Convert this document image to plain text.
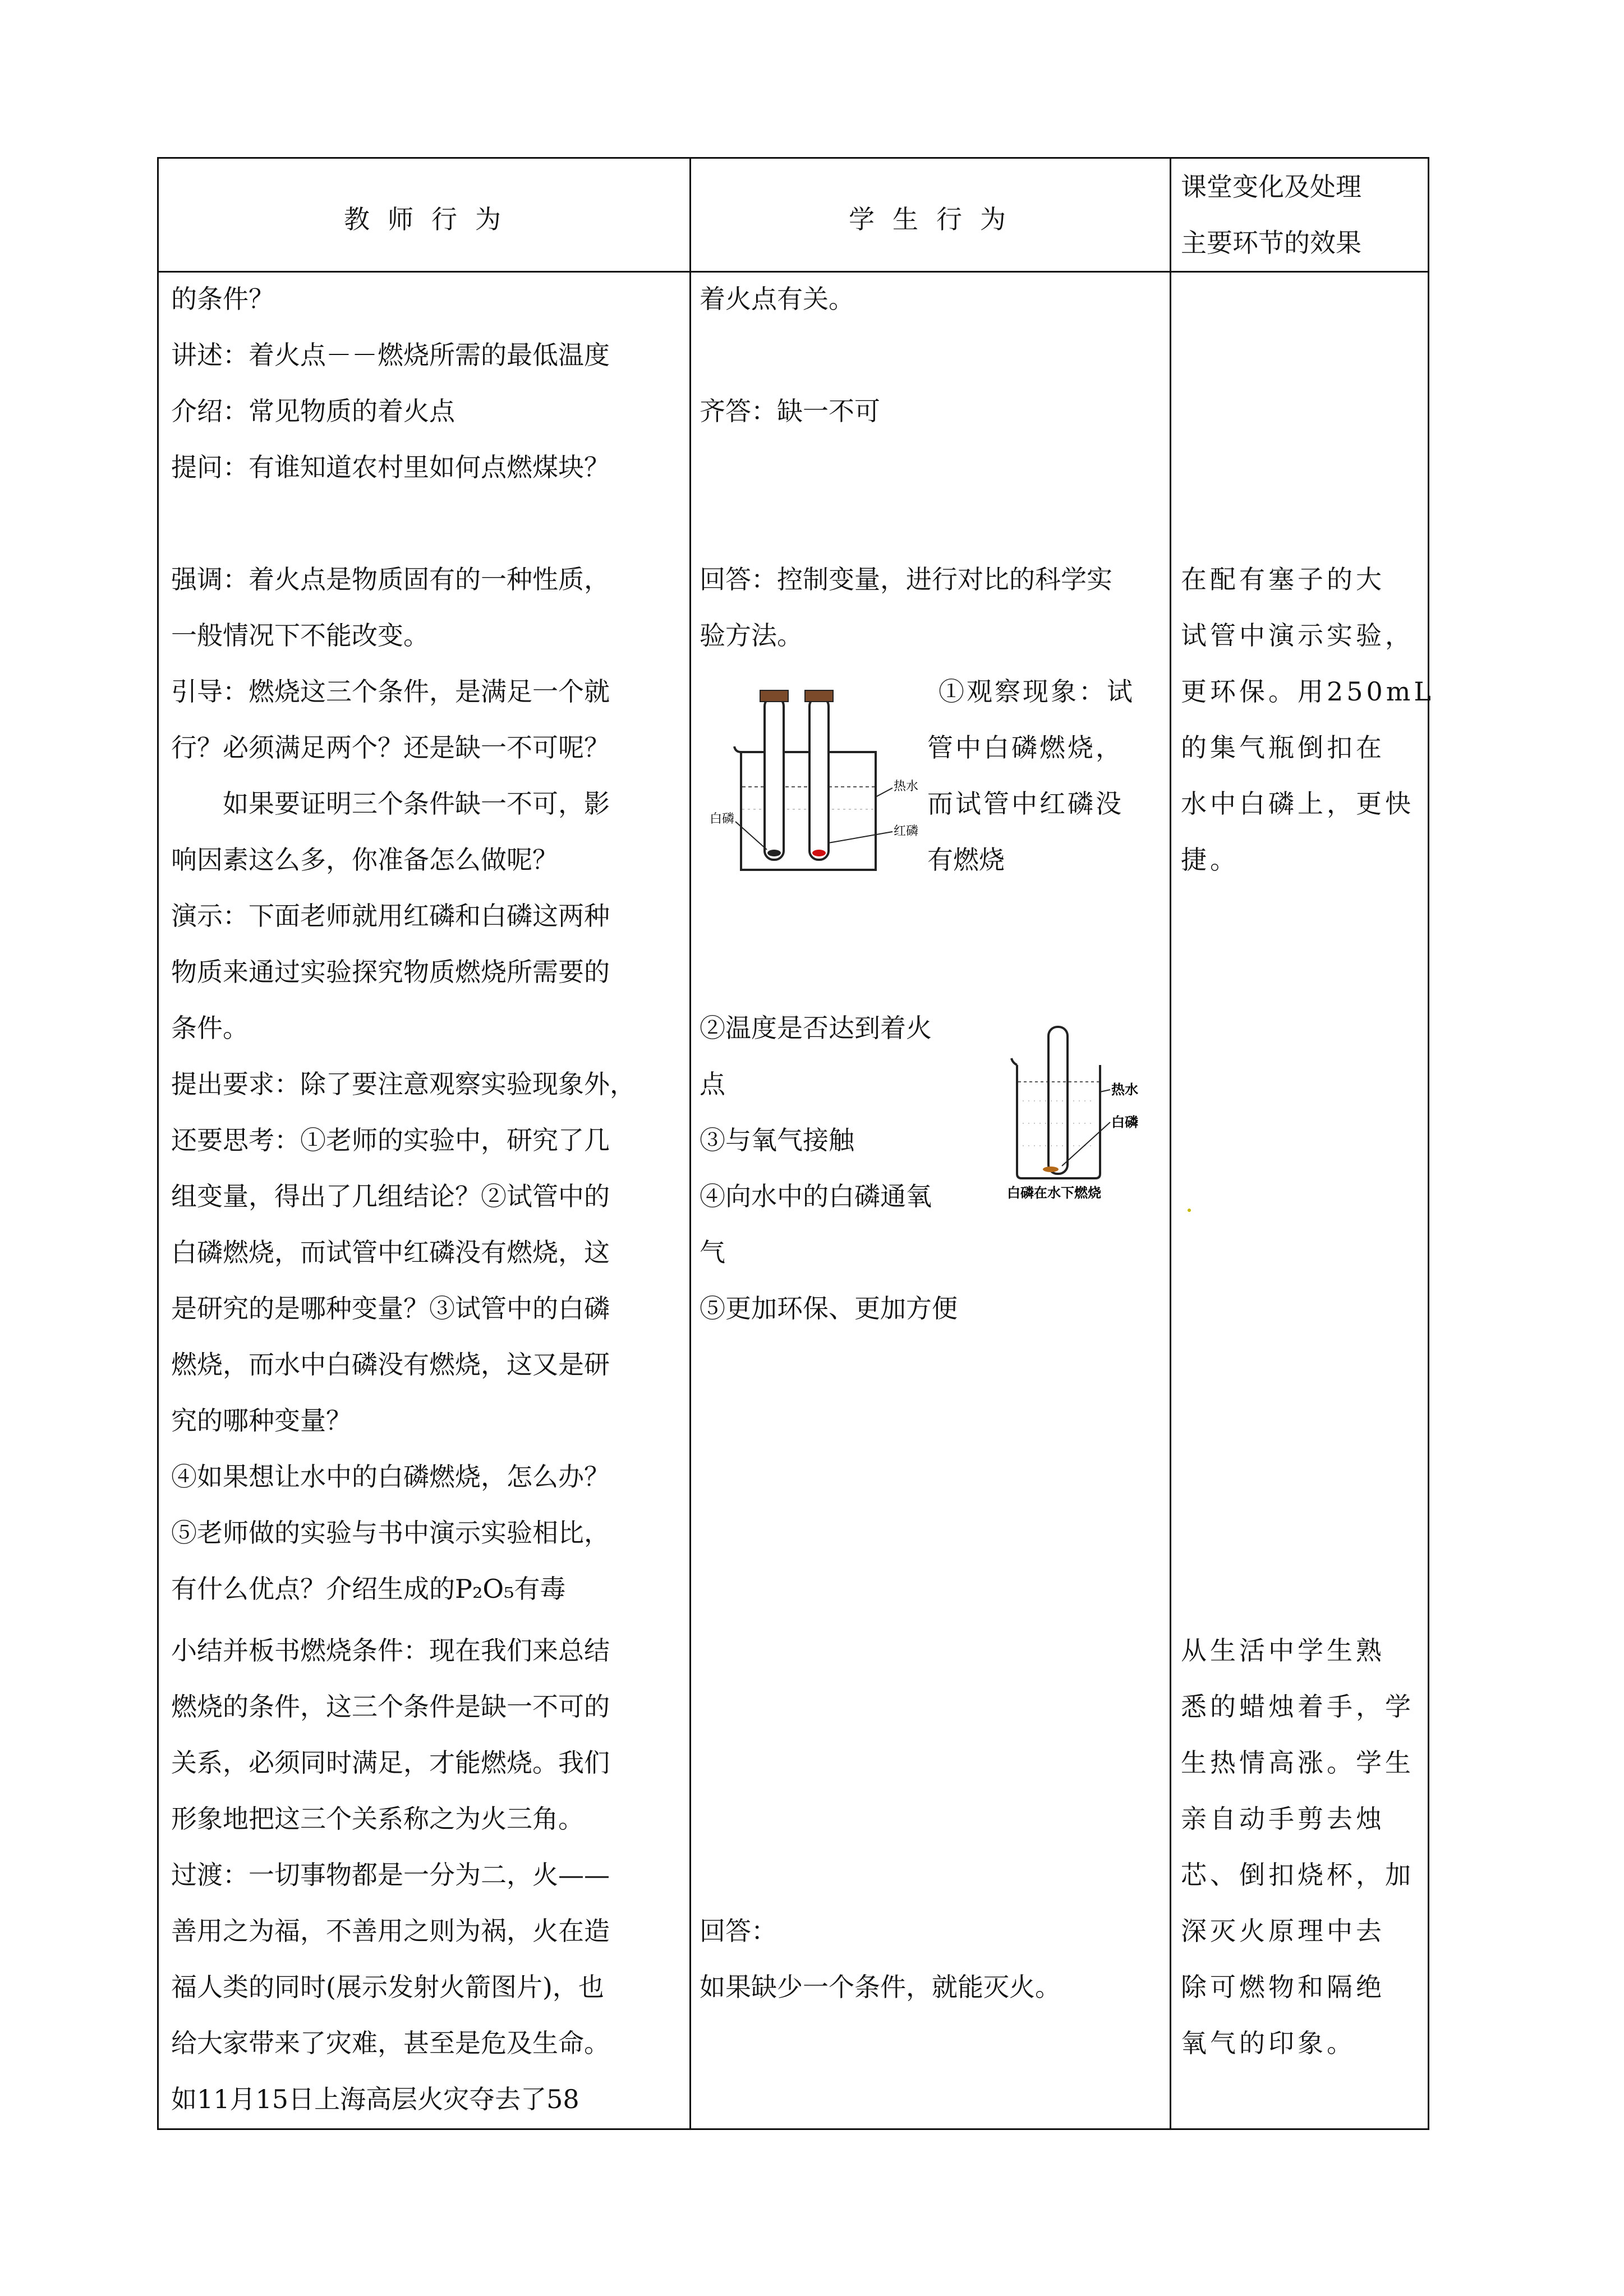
教师行为	学生行为
课堂变化及处理
主要环节的效果
的条件？
讲述：着火点－－燃烧所需的最低温度
介绍：常见物质的着火点
提问：有谁知道农村里如何点燃煤块？
强调：着火点是物质固有的一种性质，
一般情况下不能改变。
引导：燃烧这三个条件，是满足一个就
行？必须满足两个？还是缺一不可呢？
　　如果要证明三个条件缺一不可，影
响因素这么多，你准备怎么做呢？
演示：下面老师就用红磷和白磷这两种
物质来通过实验探究物质燃烧所需要的
条件。
提出要求：除了要注意观察实验现象外，
还要思考：①老师的实验中，研究了几
组变量，得出了几组结论？②试管中的
白磷燃烧，而试管中红磷没有燃烧，这
是研究的是哪种变量？③试管中的白磷
燃烧，而水中白磷没有燃烧，这又是研
究的哪种变量？
④如果想让水中的白磷燃烧，怎么办？
⑤老师做的实验与书中演示实验相比，
有什么优点？介绍生成的P₂O₅有毒
小结并板书燃烧条件：现在我们来总结
燃烧的条件，这三个条件是缺一不可的
关系，必须同时满足，才能燃烧。我们
形象地把这三个关系称之为火三角。
过渡：一切事物都是一分为二，火——
善用之为福，不善用之则为祸，火在造
福人类的同时(展示发射火箭图片)，也
给大家带来了灾难，甚至是危及生命。
如11月15日上海高层火灾夺去了58
着火点有关。
齐答：缺一不可
回答：控制变量，进行对比的科学实
验方法。
热水
红磷
白磷
①观察现象：试
管中白磷燃烧，
而试管中红磷没
有燃烧
②温度是否达到着火
点
③与氧气接触
④向水中的白磷通氧
气
⑤更加环保、更加方便
热水
白磷
白磷在水下燃烧
回答：
如果缺少一个条件，就能灭火。
在配有塞子的大
试管中演示实验，
更环保。用250mL
的集气瓶倒扣在
水中白磷上，更快
捷。
从生活中学生熟
悉的蜡烛着手，学
生热情高涨。学生
亲自动手剪去烛
芯、倒扣烧杯，加
深灭火原理中去
除可燃物和隔绝
氧气的印象。
